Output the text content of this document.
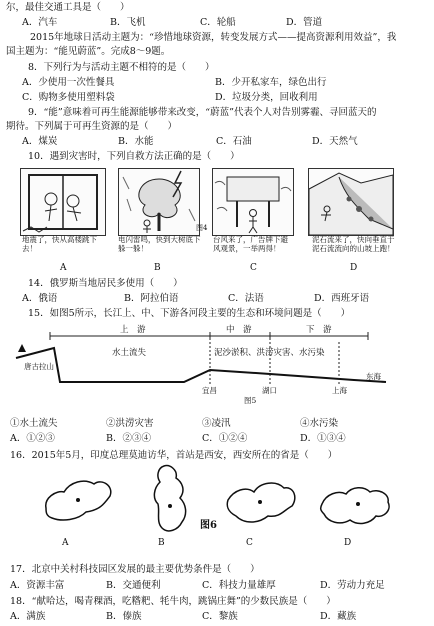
尔，最佳交通工具是（　　）
A．汽车	B．飞机	C．轮船	D．管道
2015年地球日活动主题为：“珍惜地球资源，转变发展方式——提高资源利用效益”，我
国主题为：“能见蔚蓝”。完成8～9题。
8．下列行为与活动主题不相符的是（　　）
A．少使用一次性餐具	B．少开私家车，绿色出行
C．购物多使用塑料袋	D．垃圾分类，回收利用
9．“能”意味着可再生能源能够带来改变，“蔚蓝”代表个人对告别雾霾、寻回蓝天的
期待。下列属于可再生资源的是（　　）
A．煤炭	B．水能	C．石油	D．天然气
10．遇到灾害时，下列自救方法正确的是（　　）
地震了，快从高楼跳下去！
图4
电闪雷鸣，快到大树底下躲一躲！
台风来了，广告牌下避风观景，一举两得！
泥石流来了，快向垂直于泥石流流向的山坡上跑！
A	B	C	D
14．俄罗斯当地居民多使用（　　）
A．俄语	B．阿拉伯语	C．法语	D．西班牙语
15．如图5所示，长江上、中、下游各河段主要的生态和环境问题是（　　）
上　游	中　游	下　游
水土流失	泥沙淤积、洪涝灾害、水污染
唐古拉山
宜昌	湖口	上海
东海
图5
①水土流失	②洪涝灾害	③凌汛	④水污染
A．①②③	B．②③④	C．①②④	D．①③④
16．2015年5月，印度总理莫迪访华，首站是西安，西安所在的省是（　　）
A	B
图6
C	D
17．北京中关村科技园区发展的最主要优势条件是（　　）
A．资源丰富	B．交通便利	C．科技力量雄厚	D．劳动力充足
18．“献哈达，喝青稞酒，吃糌粑、牦牛肉，跳锅庄舞”的少数民族是（　　）
A．满族	B．傣族	C．黎族	D．藏族
